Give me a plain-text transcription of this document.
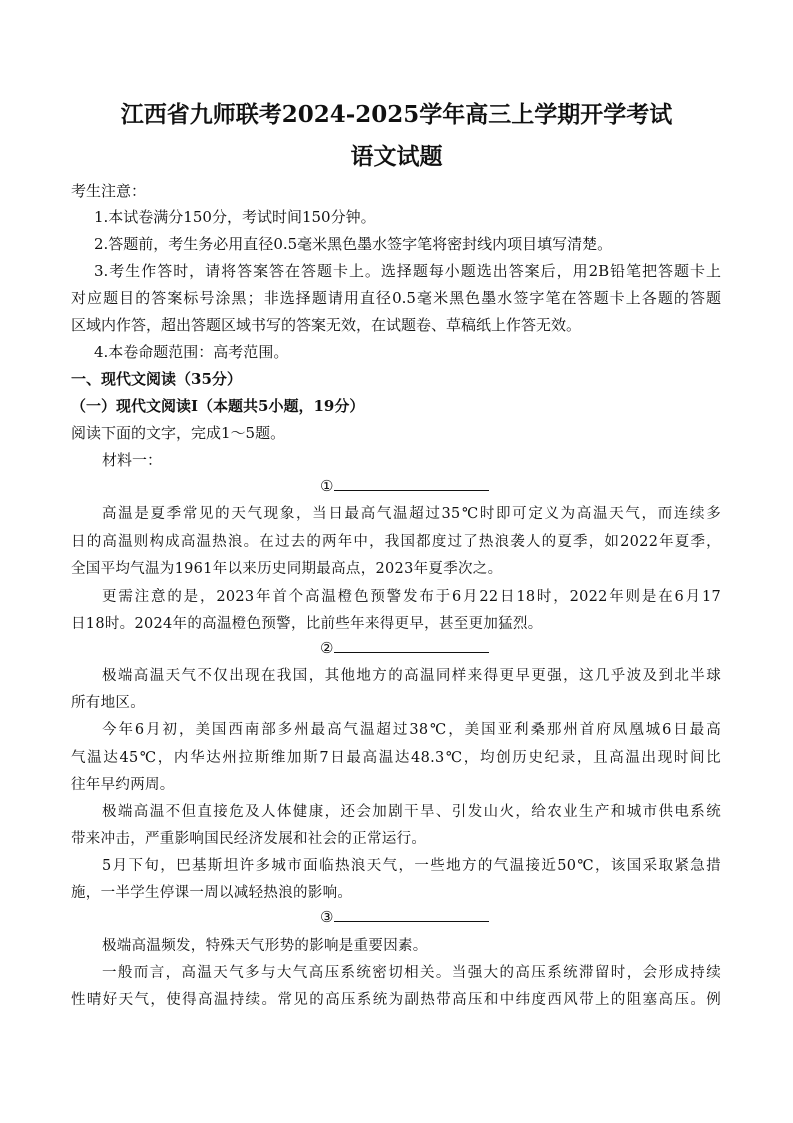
江西省九师联考2024-2025学年高三上学期开学考试
语文试题
考生注意：
1.本试卷满分150分，考试时间150分钟。
2.答题前，考生务必用直径0.5毫米黑色墨水签字笔将密封线内项目填写清楚。
3.考生作答时，请将答案答在答题卡上。选择题每小题选出答案后，用2B铅笔把答题卡上
对应题目的答案标号涂黑；非选择题请用直径0.5毫米黑色墨水签字笔在答题卡上各题的答题
区域内作答，超出答题区域书写的答案无效，在试题卷、草稿纸上作答无效。
4.本卷命题范围：高考范围。
一、现代文阅读（35分）
（一）现代文阅读Ⅰ（本题共5小题，19分）
阅读下面的文字，完成1～5题。
材料一：
①
高温是夏季常见的天气现象，当日最高气温超过35℃时即可定义为高温天气，而连续多
日的高温则构成高温热浪。在过去的两年中，我国都度过了热浪袭人的夏季，如2022年夏季，
全国平均气温为1961年以来历史同期最高点，2023年夏季次之。
更需注意的是，2023年首个高温橙色预警发布于6月22日18时，2022年则是在6月17
日18时。2024年的高温橙色预警，比前些年来得更早，甚至更加猛烈。
②
极端高温天气不仅出现在我国，其他地方的高温同样来得更早更强，这几乎波及到北半球
所有地区。
今年6月初，美国西南部多州最高气温超过38℃，美国亚利桑那州首府凤凰城6日最高
气温达45℃，内华达州拉斯维加斯7日最高温达48.3℃，均创历史纪录，且高温出现时间比
往年早约两周。
极端高温不但直接危及人体健康，还会加剧干旱、引发山火，给农业生产和城市供电系统
带来冲击，严重影响国民经济发展和社会的正常运行。
5月下旬，巴基斯坦许多城市面临热浪天气，一些地方的气温接近50℃，该国采取紧急措
施，一半学生停课一周以减轻热浪的影响。
③
极端高温频发，特殊天气形势的影响是重要因素。
一般而言，高温天气多与大气高压系统密切相关。当强大的高压系统滞留时，会形成持续
性晴好天气，使得高温持续。常见的高压系统为副热带高压和中纬度西风带上的阻塞高压。例
